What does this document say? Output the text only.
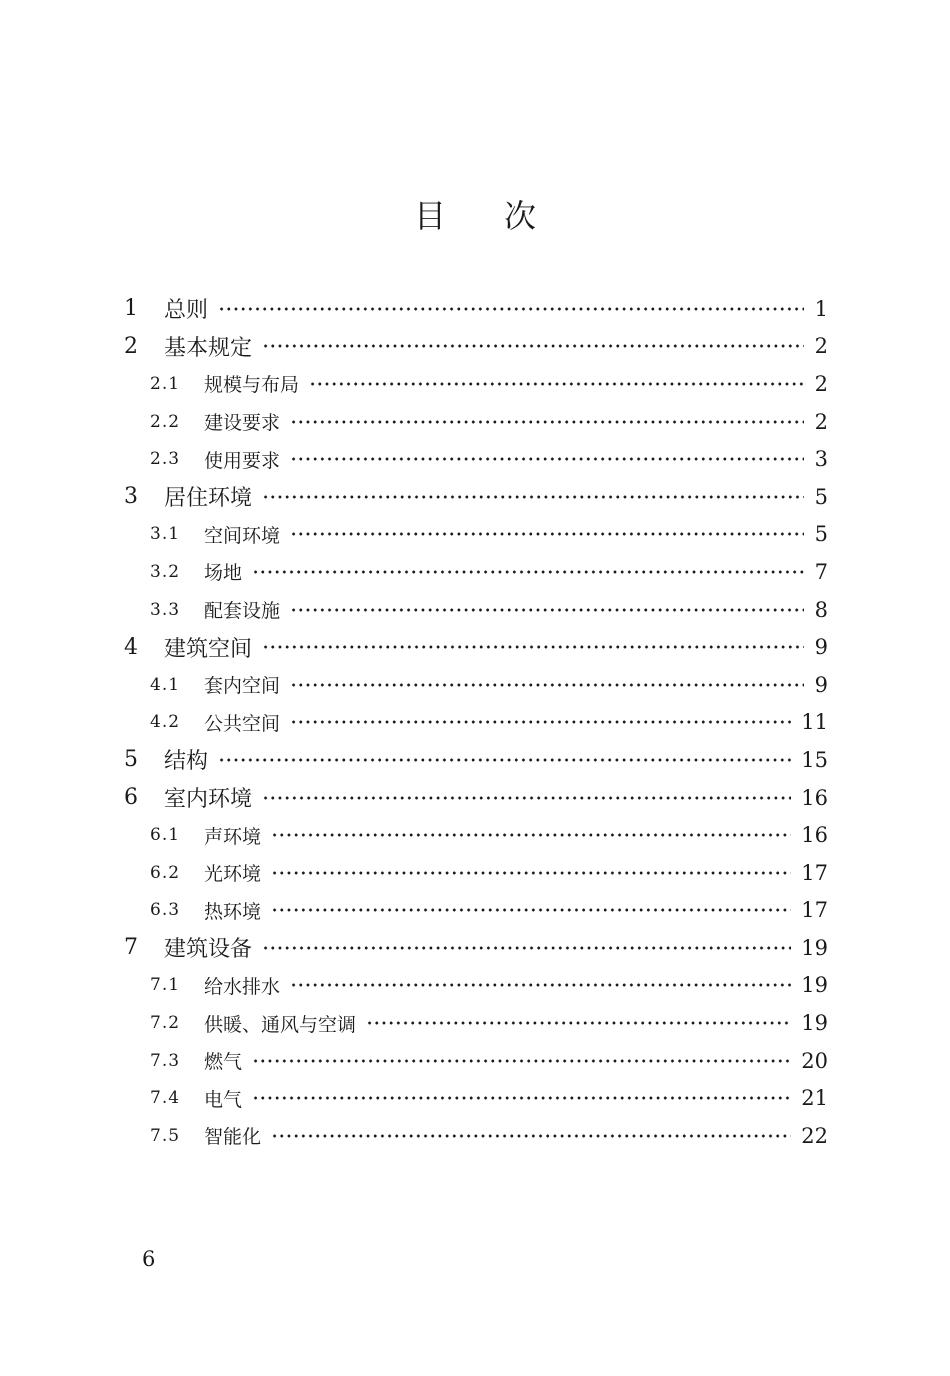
目 次
1	总则	1
2	基本规定	2
2.1	规模与布局	2
2.2	建设要求	2
2.3	使用要求	3
3	居住环境	5
3.1	空间环境	5
3.2	场地	7
3.3	配套设施	8
4	建筑空间	9
4.1	套内空间	9
4.2	公共空间	11
5	结构	15
6	室内环境	16
6.1	声环境	16
6.2	光环境	17
6.3	热环境	17
7	建筑设备	19
7.1	给水排水	19
7.2	供暖、通风与空调	19
7.3	燃气	20
7.4	电气	21
7.5	智能化	22
6
